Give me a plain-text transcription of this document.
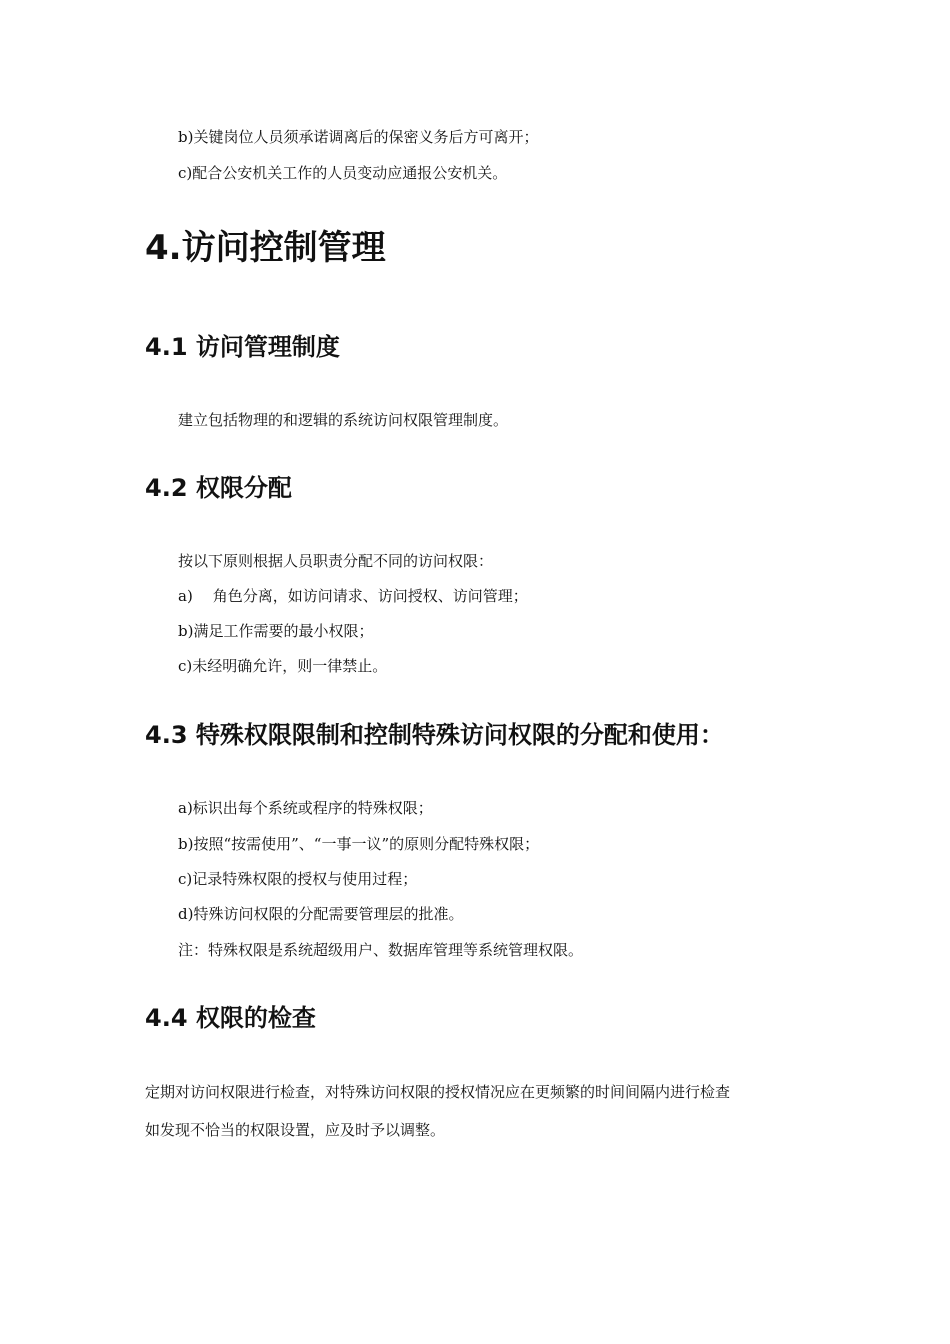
b)关键岗位人员须承诺调离后的保密义务后方可离开；
c)配合公安机关工作的人员变动应通报公安机关。
4.访问控制管理
4.1 访问管理制度
建立包括物理的和逻辑的系统访问权限管理制度。
4.2 权限分配
按以下原则根据人员职责分配不同的访问权限：
a) 角色分离，如访问请求、访问授权、访问管理；
b)满足工作需要的最小权限；
c)未经明确允许，则一律禁止。
4.3 特殊权限限制和控制特殊访问权限的分配和使用：
a)标识出每个系统或程序的特殊权限；
b)按照“按需使用”、“一事一议”的原则分配特殊权限；
c)记录特殊权限的授权与使用过程；
d)特殊访问权限的分配需要管理层的批准。
注：特殊权限是系统超级用户、数据库管理等系统管理权限。
4.4 权限的检查
定期对访问权限进行检查，对特殊访问权限的授权情况应在更频繁的时间间隔内进行检查
如发现不恰当的权限设置，应及时予以调整。
